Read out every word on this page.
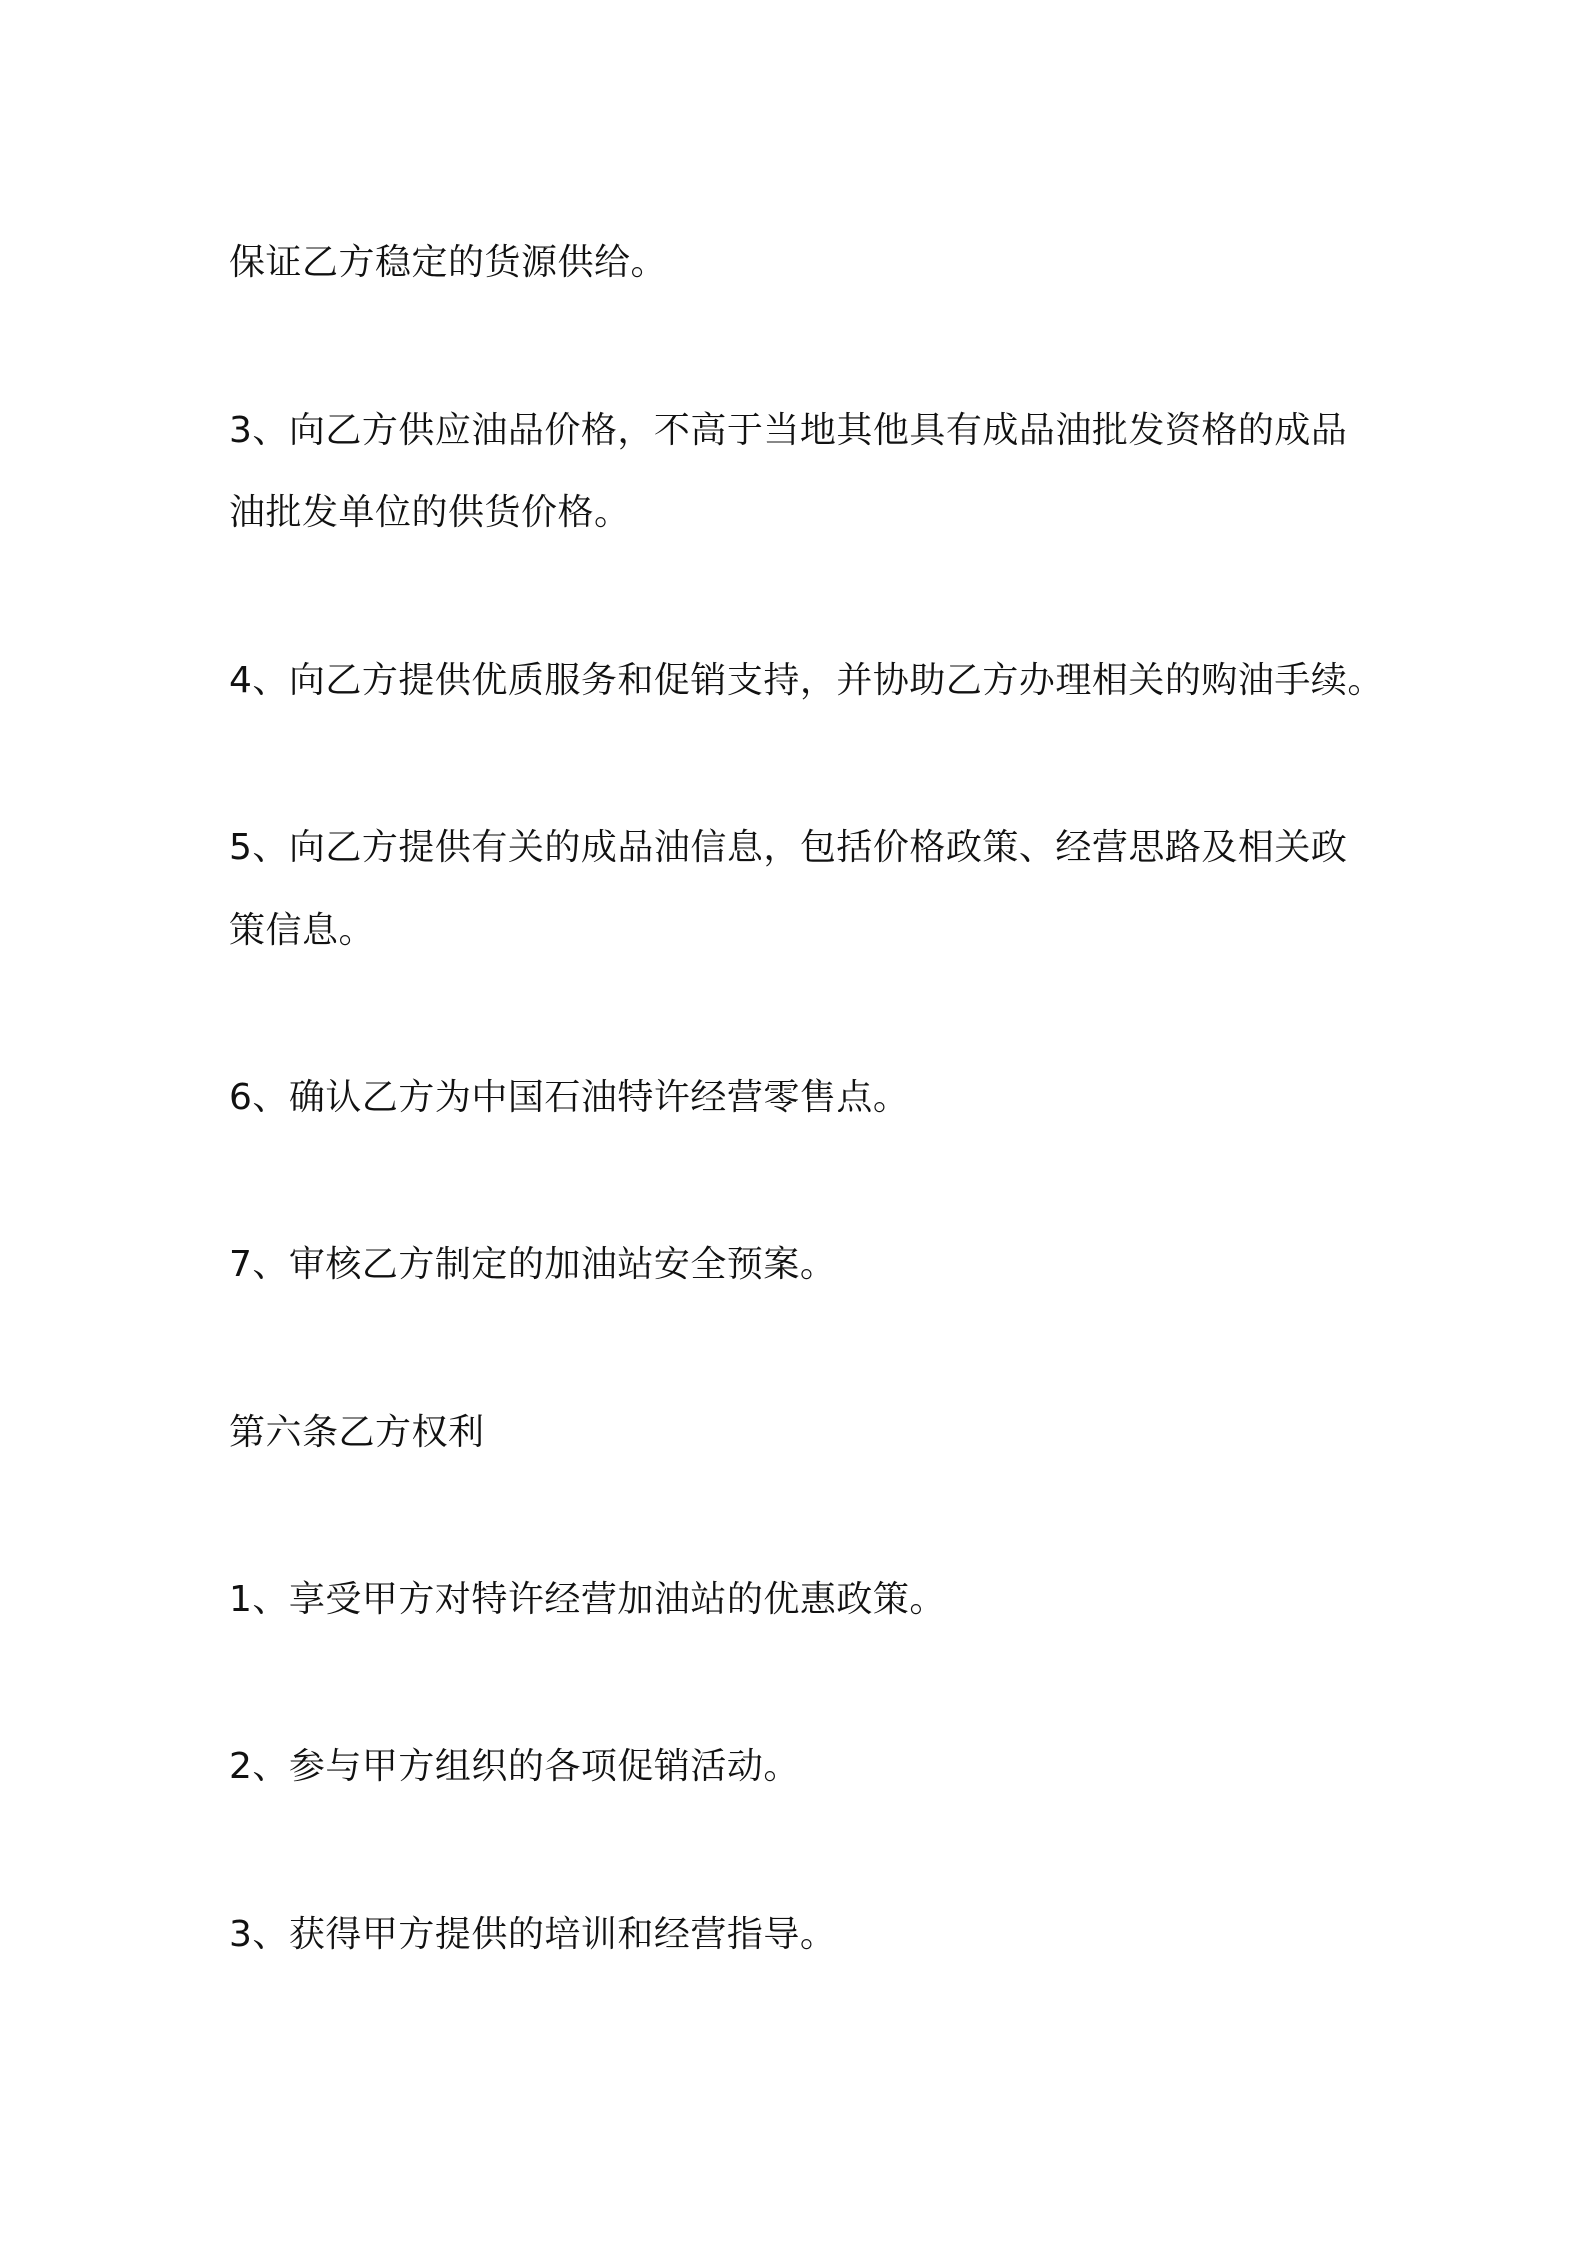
保证乙方稳定的货源供给。

3、向乙方供应油品价格，不高于当地其他具有成品油批发资格的成品

油批发单位的供货价格。

4、向乙方提供优质服务和促销支持，并协助乙方办理相关的购油手续。

5、向乙方提供有关的成品油信息，包括价格政策、经营思路及相关政

策信息。

6、确认乙方为中国石油特许经营零售点。

7、审核乙方制定的加油站安全预案。

第六条乙方权利

1、享受甲方对特许经营加油站的优惠政策。

2、参与甲方组织的各项促销活动。

3、获得甲方提供的培训和经营指导。
